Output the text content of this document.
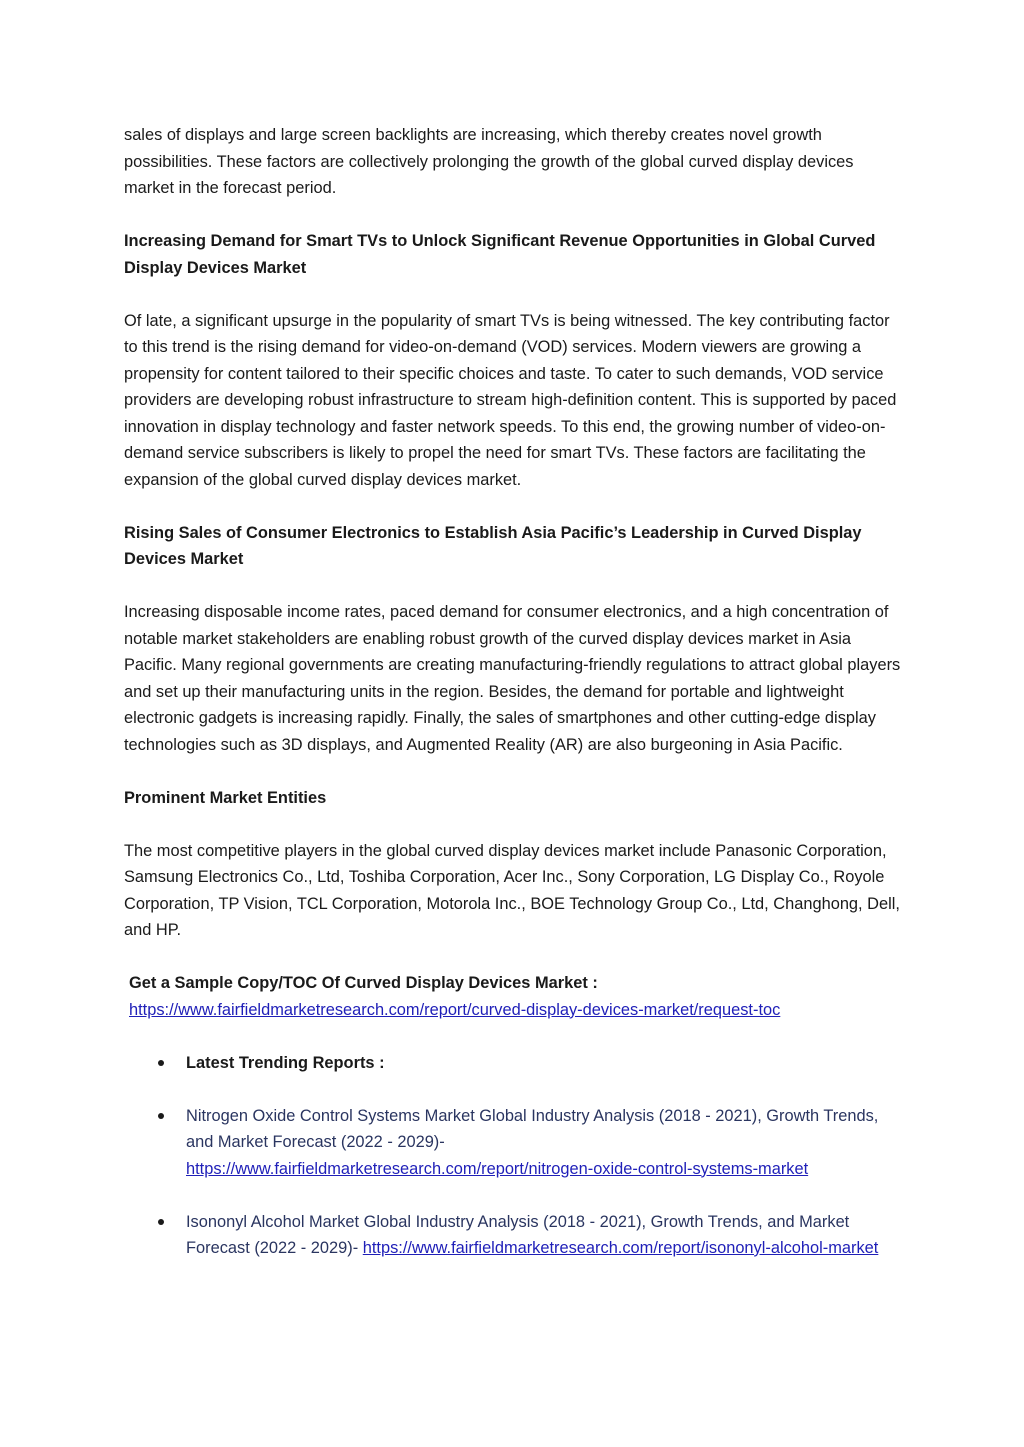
sales of displays and large screen backlights are increasing, which thereby creates novel growth possibilities. These factors are collectively prolonging the growth of the global curved display devices market in the forecast period.

Increasing Demand for Smart TVs to Unlock Significant Revenue Opportunities in Global Curved Display Devices Market

Of late, a significant upsurge in the popularity of smart TVs is being witnessed. The key contributing factor to this trend is the rising demand for video-on-demand (VOD) services. Modern viewers are growing a propensity for content tailored to their specific choices and taste. To cater to such demands, VOD service providers are developing robust infrastructure to stream high-definition content. This is supported by paced innovation in display technology and faster network speeds. To this end, the growing number of video-on-demand service subscribers is likely to propel the need for smart TVs. These factors are facilitating the expansion of the global curved display devices market.

Rising Sales of Consumer Electronics to Establish Asia Pacific’s Leadership in Curved Display Devices Market

Increasing disposable income rates, paced demand for consumer electronics, and a high concentration of notable market stakeholders are enabling robust growth of the curved display devices market in Asia Pacific. Many regional governments are creating manufacturing-friendly regulations to attract global players and set up their manufacturing units in the region. Besides, the demand for portable and lightweight electronic gadgets is increasing rapidly. Finally, the sales of smartphones and other cutting-edge display technologies such as 3D displays, and Augmented Reality (AR) are also burgeoning in Asia Pacific.

Prominent Market Entities

The most competitive players in the global curved display devices market include Panasonic Corporation, Samsung Electronics Co., Ltd, Toshiba Corporation, Acer Inc., Sony Corporation, LG Display Co., Royole Corporation, TP Vision, TCL Corporation, Motorola Inc., BOE Technology Group Co., Ltd, Changhong, Dell, and HP.

Get a Sample Copy/TOC Of Curved Display Devices Market :
https://www.fairfieldmarketresearch.com/report/curved-display-devices-market/request-toc
Latest Trending Reports :
Nitrogen Oxide Control Systems Market Global Industry Analysis (2018 - 2021), Growth Trends, and Market Forecast (2022 - 2029)-
https://www.fairfieldmarketresearch.com/report/nitrogen-oxide-control-systems-market
Isononyl Alcohol Market Global Industry Analysis (2018 - 2021), Growth Trends, and Market Forecast (2022 - 2029)- https://www.fairfieldmarketresearch.com/report/isononyl-alcohol-market
